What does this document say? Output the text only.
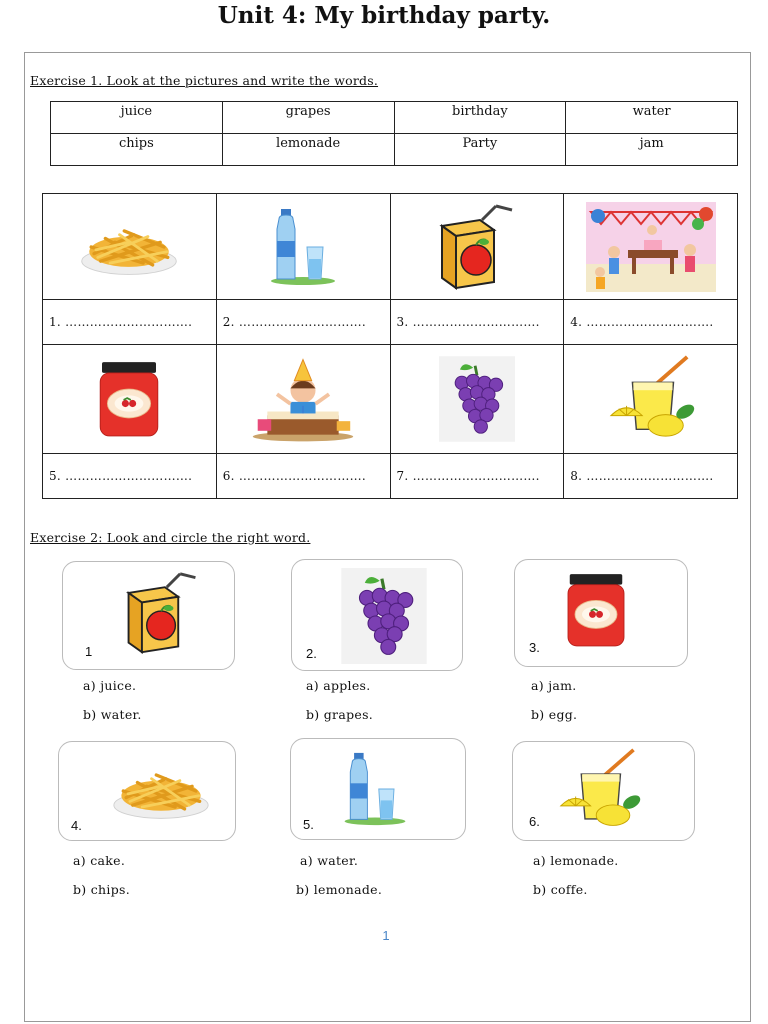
Unit 4: My birthday party.
Exercise 1. Look at the pictures and write the words.
juice	grapes	birthday	water
chips	lemonade	Party	jam

1. ………………………….	2. ………………………….	3. ………………………….	4. ………………………….

5. ………………………….	6. ………………………….	7. ………………………….	8. ………………………….
Exercise 2: Look and circle the right word.
1
a) juice.
b) water.
2.
a) apples.
b) grapes.
3.
a) jam.
b) egg.
4.
a) cake.
b) chips.
5.
a) water.
b) lemonade.
6.
a) lemonade.
b) coffe.
1
